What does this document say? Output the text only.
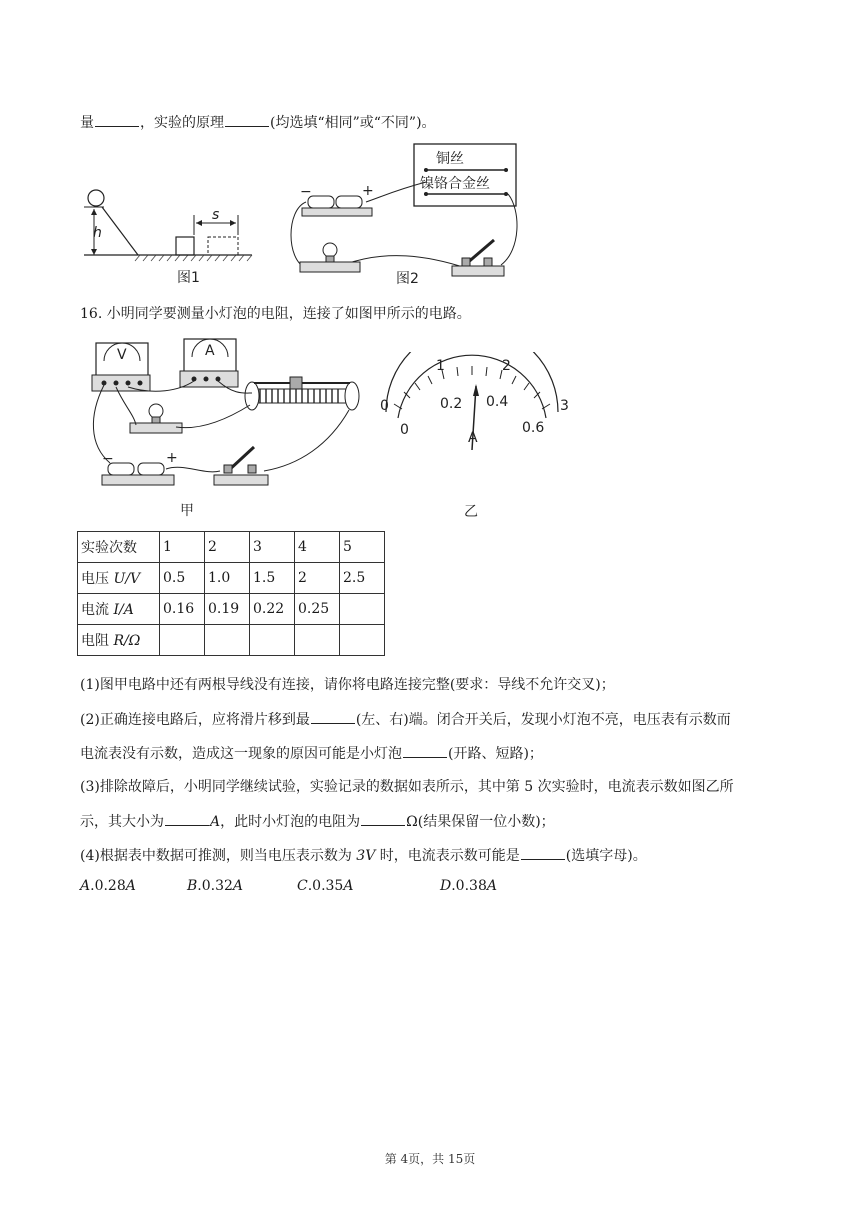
量	，实验的原理	(均选填“相同”或“不同”)。
h
s
图1
铜丝
镍铬合金丝
−	+
图2
16. 小明同学要测量小灯泡的电阻，连接了如图甲所示的电路。
V	A
−	+
甲
0
1	2
3
0
0.2 0.4
0.6
A
乙
实验次数	1	2	3	4	5
电压 U/V	0.5	1.0	1.5	2	2.5
电流 I/A	0.16	0.19	0.22	0.25	
电阻 R/Ω					
(1)图甲电路中还有两根导线没有连接，请你将电路连接完整(要求：导线不允许交叉)；
(2)正确连接电路后，应将滑片移到最	(左、右)端。闭合开关后，发现小灯泡不亮，电压表有示数而
电流表没有示数，造成这一现象的原因可能是小灯泡	(开路、短路)；
(3)排除故障后，小明同学继续试验，实验记录的数据如表所示，其中第 5 次实验时，电流表示数如图乙所
示，其大小为	A，此时小灯泡的电阻为	Ω(结果保留一位小数)；
(4)根据表中数据可推测，则当电压表示数为 3V 时，电流表示数可能是	(选填字母)。
A.0.28A	B.0.32A	C.0.35A	D.0.38A
第 4页，共 15页
